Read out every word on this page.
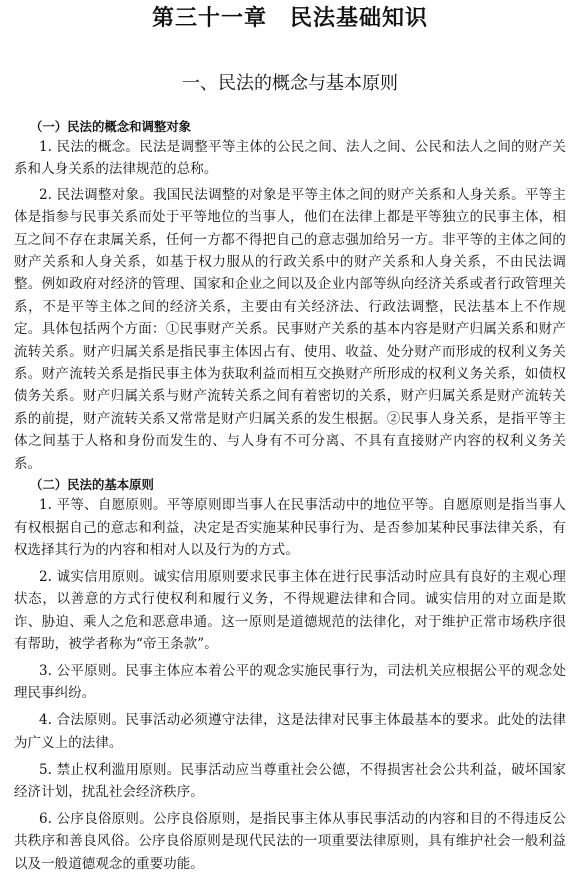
第三十一章　民法基础知识
一、民法的概念与基本原则
（一）民法的概念和调整对象

1. 民法的概念。民法是调整平等主体的公民之间、法人之间、公民和法人之间的财产关系和人身关系的法律规范的总称。

2. 民法调整对象。我国民法调整的对象是平等主体之间的财产关系和人身关系。平等主体是指参与民事关系而处于平等地位的当事人，他们在法律上都是平等独立的民事主体，相互之间不存在隶属关系，任何一方都不得把自己的意志强加给另一方。非平等的主体之间的财产关系和人身关系，如基于权力服从的行政关系中的财产关系和人身关系，不由民法调整。例如政府对经济的管理、国家和企业之间以及企业内部等纵向经济关系或者行政管理关系，不是平等主体之间的经济关系，主要由有关经济法、行政法调整，民法基本上不作规定。具体包括两个方面：①民事财产关系。民事财产关系的基本内容是财产归属关系和财产流转关系。财产归属关系是指民事主体因占有、使用、收益、处分财产而形成的权利义务关系。财产流转关系是指民事主体为获取利益而相互交换财产所形成的权利义务关系，如债权债务关系。财产归属关系与财产流转关系之间有着密切的关系，财产归属关系是财产流转关系的前提，财产流转关系又常常是财产归属关系的发生根据。②民事人身关系，是指平等主体之间基于人格和身份而发生的、与人身有不可分离、不具有直接财产内容的权利义务关系。

（二）民法的基本原则

1. 平等、自愿原则。平等原则即当事人在民事活动中的地位平等。自愿原则是指当事人有权根据自己的意志和利益，决定是否实施某种民事行为、是否参加某种民事法律关系，有权选择其行为的内容和相对人以及行为的方式。

2. 诚实信用原则。诚实信用原则要求民事主体在进行民事活动时应具有良好的主观心理状态，以善意的方式行使权利和履行义务，不得规避法律和合同。诚实信用的对立面是欺诈、胁迫、乘人之危和恶意串通。这一原则是道德规范的法律化，对于维护正常市场秩序很有帮助，被学者称为“帝王条款”。

3. 公平原则。民事主体应本着公平的观念实施民事行为，司法机关应根据公平的观念处理民事纠纷。

4. 合法原则。民事活动必须遵守法律，这是法律对民事主体最基本的要求。此处的法律为广义上的法律。

5. 禁止权利滥用原则。民事活动应当尊重社会公德，不得损害社会公共利益，破坏国家经济计划，扰乱社会经济秩序。

6. 公序良俗原则。公序良俗原则，是指民事主体从事民事活动的内容和目的不得违反公共秩序和善良风俗。公序良俗原则是现代民法的一项重要法律原则，具有维护社会一般利益以及一般道德观念的重要功能。
